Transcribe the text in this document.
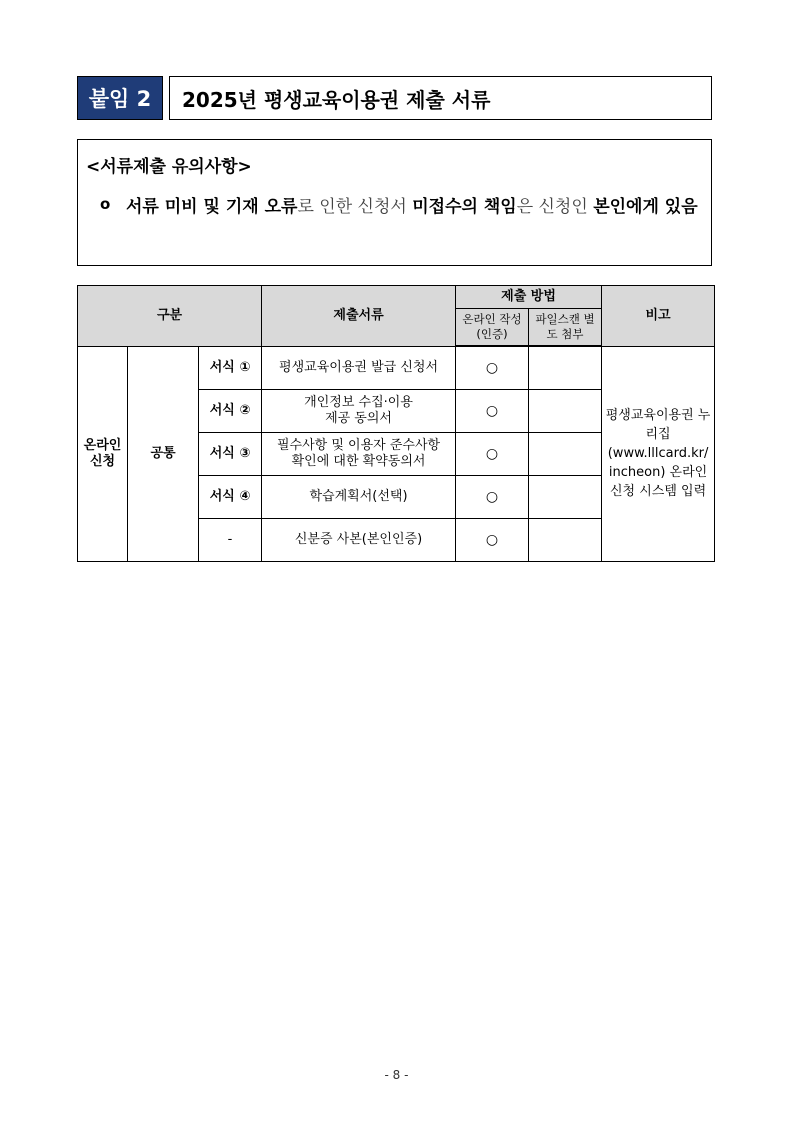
붙임 2	2025년 평생교육이용권 제출 서류
<서류제출 유의사항>
o 서류 미비 및 기재 오류로 인한 신청서 미접수의 책임은 신청인 본인에게 있음
구분			제출서류	제출 방법		비고
				온라인 작성(인증)	파일스캔 별도 첨부	
온라인 신청	공통	서식 ①	평생교육이용권 발급 신청서	○		평생교육이용권 누리집 (www.lllcard.kr/ incheon) 온라인 신청 시스템 입력
		서식 ②	개인정보 수집·이용 제공 동의서	○		
		서식 ③	필수사항 및 이용자 준수사항 확인에 대한 확약동의서	○		
		서식 ④	학습계획서(선택)	○		
		-	신분증 사본(본인인증)	○		
- 8 -
